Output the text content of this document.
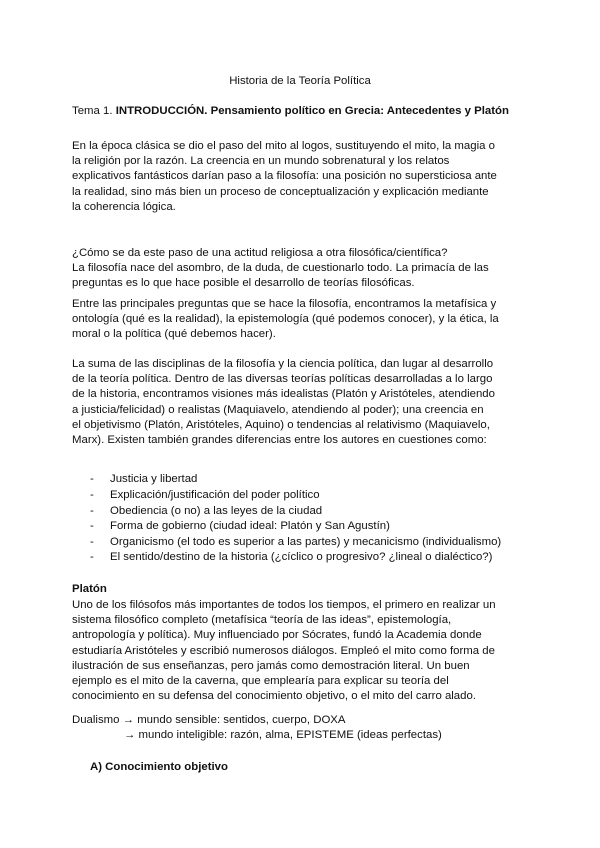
Historia de la Teoría Política
Tema 1. INTRODUCCIÓN. Pensamiento político en Grecia: Antecedentes y Platón
En la época clásica se dio el paso del mito al logos, sustituyendo el mito, la magia o
la religión por la razón. La creencia en un mundo sobrenatural y los relatos
explicativos fantásticos darían paso a la filosofía: una posición no supersticiosa ante
la realidad, sino más bien un proceso de conceptualización y explicación mediante
la coherencia lógica.
¿Cómo se da este paso de una actitud religiosa a otra filosófica/científica?
La filosofía nace del asombro, de la duda, de cuestionarlo todo. La primacía de las
preguntas es lo que hace posible el desarrollo de teorías filosóficas.
Entre las principales preguntas que se hace la filosofía, encontramos la metafísica y
ontología (qué es la realidad), la epistemología (qué podemos conocer), y la ética, la
moral o la política (qué debemos hacer).
La suma de las disciplinas de la filosofía y la ciencia política, dan lugar al desarrollo
de la teoría política. Dentro de las diversas teorías políticas desarrolladas a lo largo
de la historia, encontramos visiones más idealistas (Platón y Aristóteles, atendiendo
a justicia/felicidad) o realistas (Maquiavelo, atendiendo al poder); una creencia en
el objetivismo (Platón, Aristóteles, Aquino) o tendencias al relativismo (Maquiavelo,
Marx). Existen también grandes diferencias entre los autores en cuestiones como:
- Justicia y libertad
- Explicación/justificación del poder político
- Obediencia (o no) a las leyes de la ciudad
- Forma de gobierno (ciudad ideal: Platón y San Agustín)
- Organicismo (el todo es superior a las partes) y mecanicismo (individualismo)
- El sentido/destino de la historia (¿cíclico o progresivo? ¿lineal o dialéctico?)
Platón
Uno de los filósofos más importantes de todos los tiempos, el primero en realizar un
sistema filosófico completo (metafísica “teoría de las ideas”, epistemología,
antropología y política). Muy influenciado por Sócrates, fundó la Academia donde
estudiaría Aristóteles y escribió numerosos diálogos. Empleó el mito como forma de
ilustración de sus enseñanzas, pero jamás como demostración literal. Un buen
ejemplo es el mito de la caverna, que emplearía para explicar su teoría del
conocimiento en su defensa del conocimiento objetivo, o el mito del carro alado.
Dualismo → mundo sensible: sentidos, cuerpo, DOXA
→ mundo inteligible: razón, alma, EPISTEME (ideas perfectas)
A) Conocimiento objetivo
